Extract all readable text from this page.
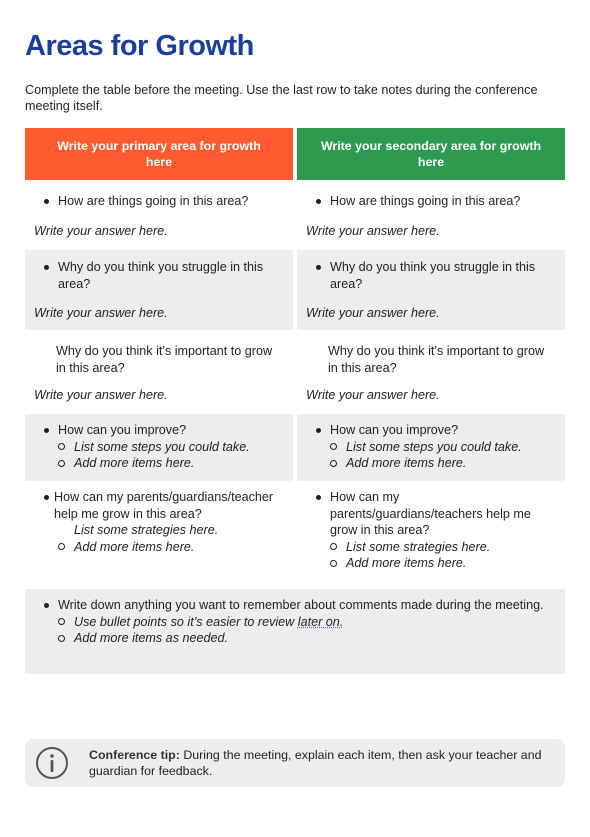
Areas for Growth

Complete the table before the meeting. Use the last row to take notes during the conference meeting itself.

Write your primary area for growth here
Write your secondary area for growth here
How are things going in this area?
Write your answer here.
How are things going in this area?
Write your answer here.
Why do you think you struggle in this area?
Write your answer here.
Why do you think you struggle in this area?
Write your answer here.
Why do you think it’s important to grow in this area?
Write your answer here.
Why do you think it’s important to grow in this area?
Write your answer here.
How can you improve?
List some steps you could take.
Add more items here.
How can you improve?
List some steps you could take.
Add more items here.
How can my parents/guardians/teacher help me grow in this area?
List some strategies here.
Add more items here.
How can my parents/guardians/teachers help me grow in this area?
List some strategies here.
Add more items here.
Write down anything you want to remember about comments made during the meeting.
Use bullet points so it’s easier to review later on.
Add more items as needed.
Conference tip: During the meeting, explain each item, then ask your teacher and guardian for feedback.
